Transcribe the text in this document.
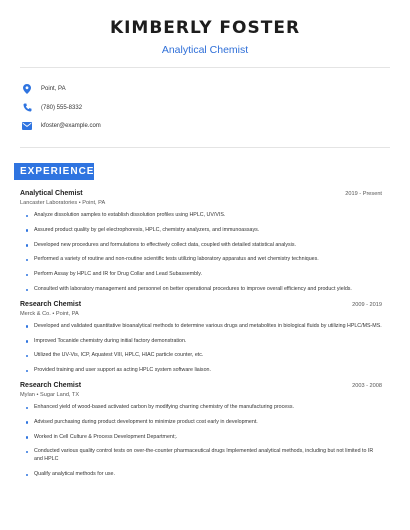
KIMBERLY FOSTER
Analytical Chemist
Point, PA
(780) 555-8332
kfoster@example.com
EXPERIENCE
Analytical Chemist	2019 - Present
Lancaster Laboratories • Point, PA
Analyze dissolution samples to establish dissolution profiles using HPLC, UV/VIS.
Assured product quality by gel electrophoresis, HPLC, chemistry analyzers, and immunoassays.
Developed new procedures and formulations to effectively collect data, coupled with detailed statistical analysis.
Performed a variety of routine and non-routine scientific tests utilizing laboratory apparatus and wet chemistry techniques.
Perform Assay by HPLC and IR for Drug Collar and Lead Subassembly.
Consulted with laboratory management and personnel on better operational procedures to improve overall efficiency and product yields.
Research Chemist	2009 - 2019
Merck & Co. • Point, PA
Developed and validated quantitative bioanalytical methods to determine various drugs and metabolites in biological fluids by utilizing HPLC/MS-MS.
Improved Tocanide chemistry during initial factory demonstration.
Utilized the UV-Vis, ICP, Aquatest VIII, HPLC, HIAC particle counter, etc.
Provided training and user support as acting HPLC system software liaison.
Research Chemist	2003 - 2008
Mylan • Sugar Land, TX
Enhanced yield of wood-based activated carbon by modifying charring chemistry of the manufacturing process.
Advised purchasing during product development to minimize product cost early in development.
Worked in Cell Culture & Process Development Department;.
Conducted various quality control tests on over-the-counter pharmaceutical drugs Implemented analytical methods, including but not limited to IR and HPLC
Qualify analytical methods for use.
